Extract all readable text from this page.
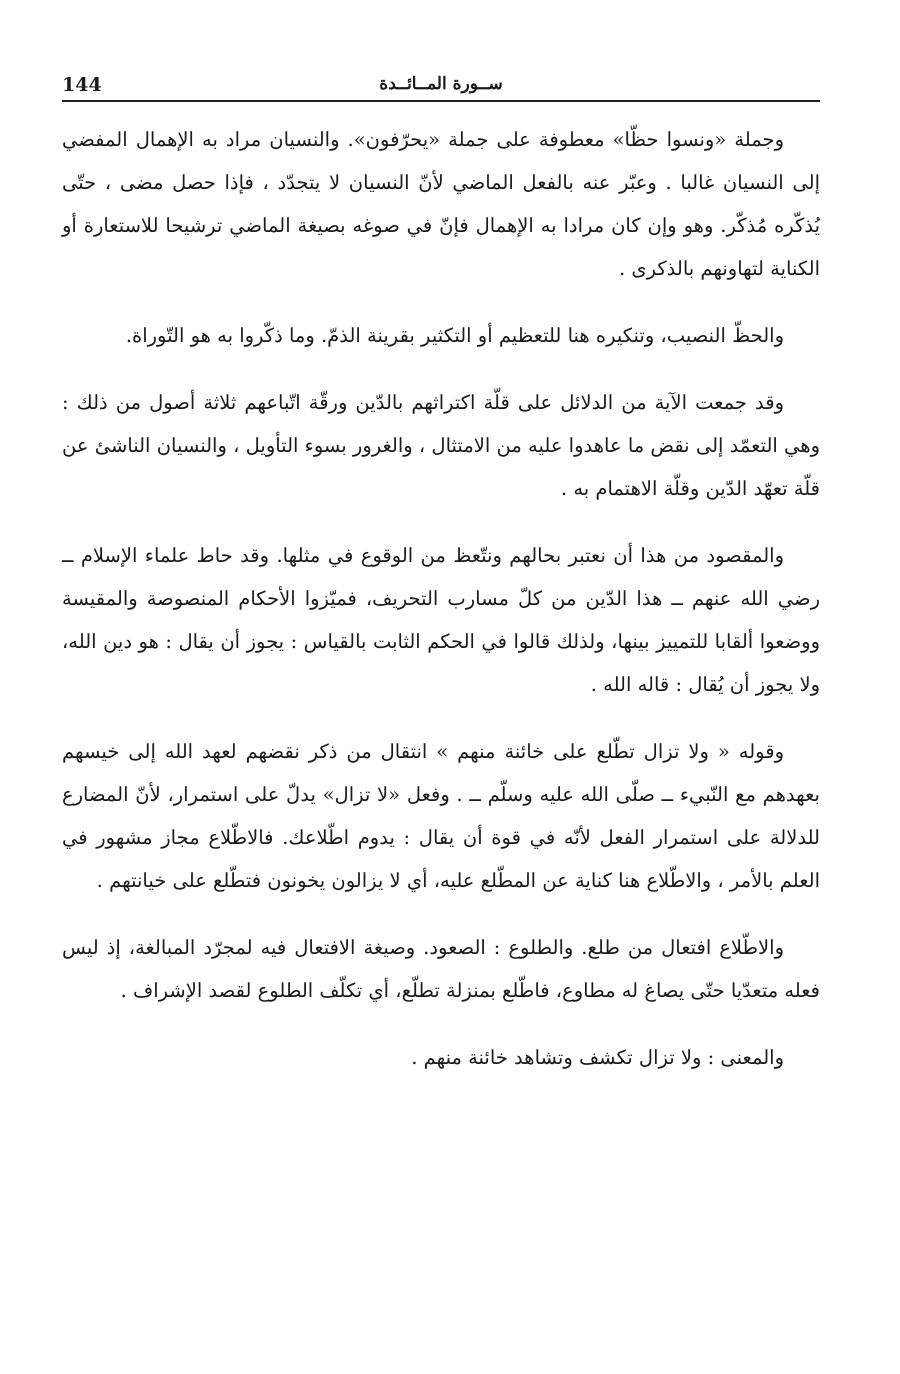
144	ســورة المــائــدة

وجملة «ونسوا حظّا» معطوفة على جملة «يحرّفون». والنسيان مراد به الإهمال المفضي إلى النسيان غالبا . وعبّر عنه بالفعل الماضي لأنّ النسيان لا يتجدّد ، فإذا حصل مضى ، حتّى يُذكّره مُذكّر. وهو وإن كان مرادا به الإهمال فإنّ في صوغه بصيغة الماضي ترشيحا للاستعارة أو الكناية لتهاونهم بالذكرى .

والحظّ النصيب، وتنكيره هنا للتعظيم أو التكثير بقرينة الذمّ. وما ذكّروا به هو التّوراة.

وقد جمعت الآية من الدلائل على قلّة اكتراثهم بالدّين ورقّة اتّباعهم ثلاثة أصول من ذلك : وهي التعمّد إلى نقض ما عاهدوا عليه من الامتثال ، والغرور بسوء التأويل ، والنسيان الناشئ عن قلّة تعهّد الدّين وقلّة الاهتمام به .

والمقصود من هذا أن نعتبر بحالهم ونتّعظ من الوقوع في مثلها. وقد حاط علماء الإسلام ــ رضي الله عنهم ــ هذا الدّين من كلّ مسارب التحريف، فميّزوا الأحكام المنصوصة والمقيسة ووضعوا ألقابا للتمييز بينها، ولذلك قالوا في الحكم الثابت بالقياس : يجوز أن يقال : هو دين الله، ولا يجوز أن يُقال : قاله الله .

وقوله « ولا تزال تطّلع على خائنة منهم » انتقال من ذكر نقضهم لعهد الله إلى خيسهم بعهدهم مع النّبيء ــ صلّى الله عليه وسلّم ــ . وفعل «لا تزال» يدلّ على استمرار، لأنّ المضارع للدلالة على استمرار الفعل لأنّه في قوة أن يقال : يدوم اطّلاعك. فالاطّلاع مجاز مشهور في العلم بالأمر ، والاطّلاع هنا كناية عن المطّلع عليه، أي لا يزالون يخونون فتطّلع على خيانتهم .

والاطّلاع افتعال من طلع. والطلوع : الصعود. وصيغة الافتعال فيه لمجرّد المبالغة، إذ ليس فعله متعدّيا حتّى يصاغ له مطاوع، فاطّلع بمنزلة تطلّع، أي تكلّف الطلوع لقصد الإشراف .

والمعنى : ولا تزال تكشف وتشاهد خائنة منهم .
